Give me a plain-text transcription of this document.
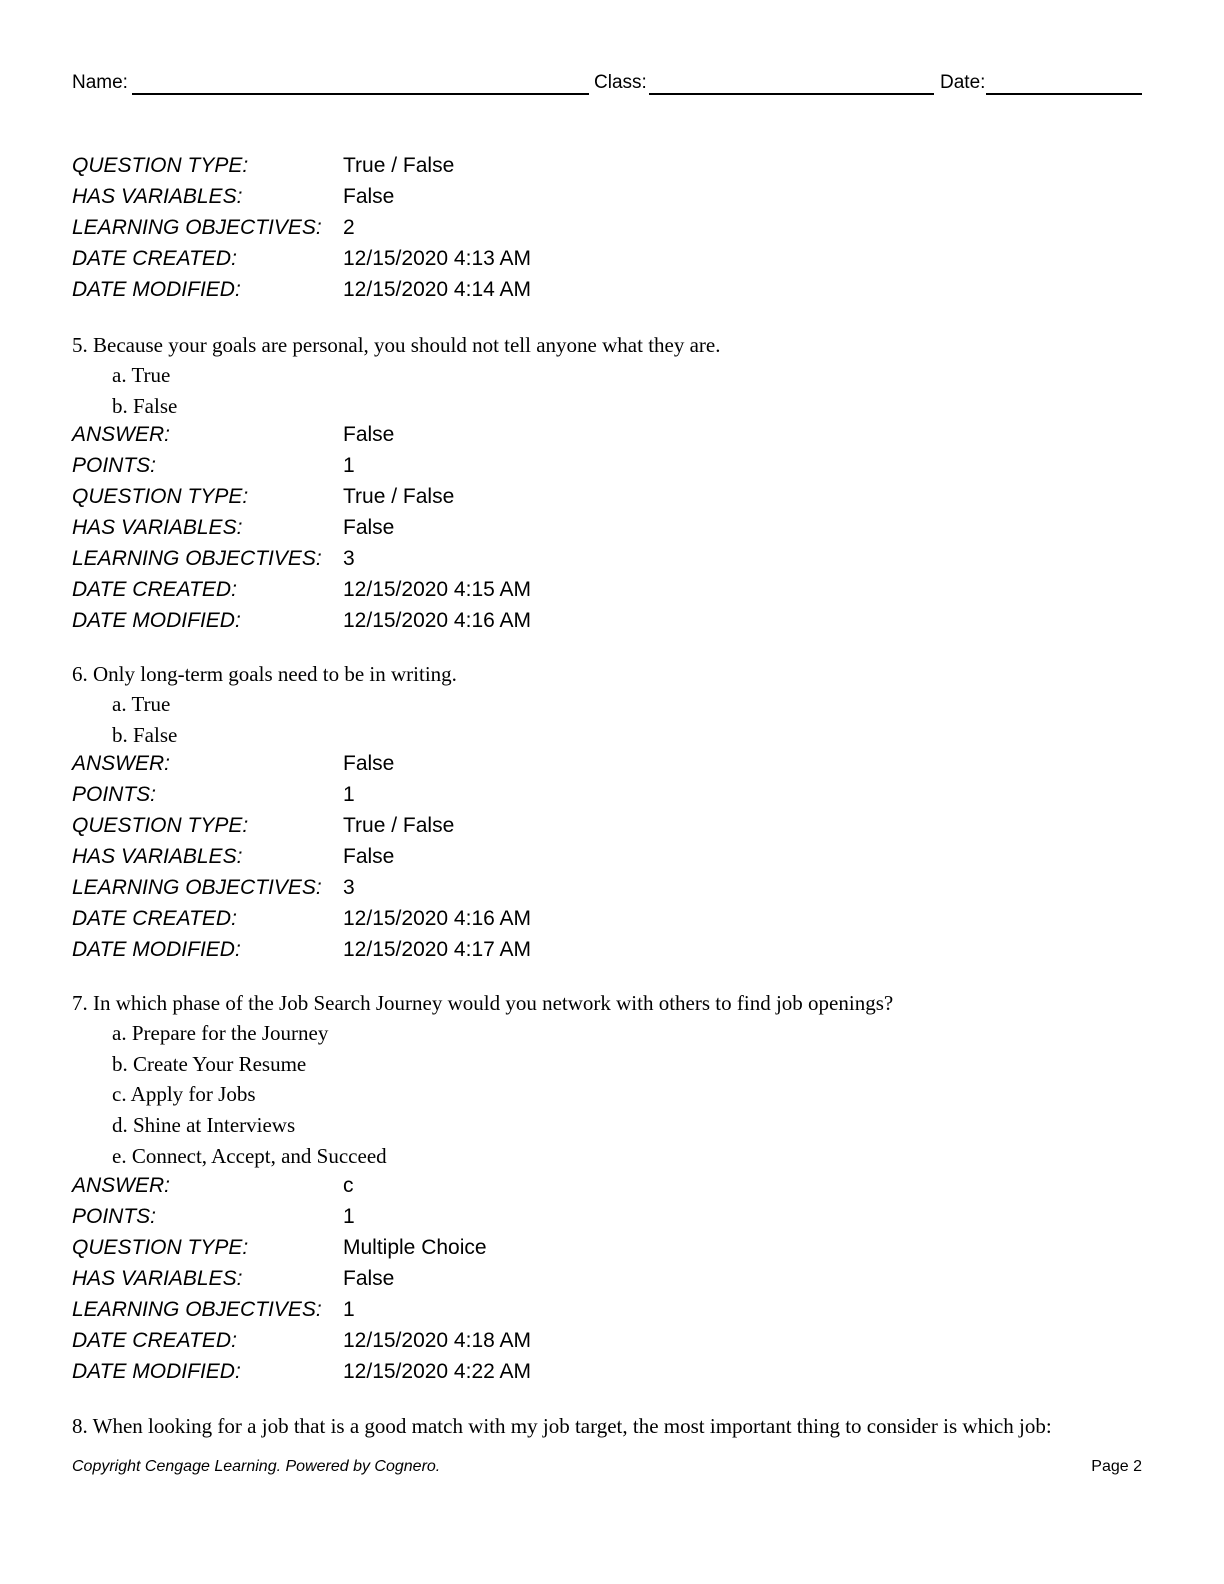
Name:	Class:	Date:
QUESTION TYPE:	True / False
HAS VARIABLES:	False
LEARNING OBJECTIVES: 2
DATE CREATED:	12/15/2020 4:13 AM
DATE MODIFIED:	12/15/2020 4:14 AM
5. Because your goals are personal, you should not tell anyone what they are.
a. True
b. False
ANSWER:	False
POINTS:	1
QUESTION TYPE:	True / False
HAS VARIABLES:	False
LEARNING OBJECTIVES: 3
DATE CREATED:	12/15/2020 4:15 AM
DATE MODIFIED:	12/15/2020 4:16 AM
6. Only long-term goals need to be in writing.
a. True
b. False
ANSWER:	False
POINTS:	1
QUESTION TYPE:	True / False
HAS VARIABLES:	False
LEARNING OBJECTIVES: 3
DATE CREATED:	12/15/2020 4:16 AM
DATE MODIFIED:	12/15/2020 4:17 AM
7. In which phase of the Job Search Journey would you network with others to find job openings?
a. Prepare for the Journey
b. Create Your Resume
c. Apply for Jobs
d. Shine at Interviews
e. Connect, Accept, and Succeed
ANSWER:	c
POINTS:	1
QUESTION TYPE:	Multiple Choice
HAS VARIABLES:	False
LEARNING OBJECTIVES: 1
DATE CREATED:	12/15/2020 4:18 AM
DATE MODIFIED:	12/15/2020 4:22 AM
8. When looking for a job that is a good match with my job target, the most important thing to consider is which job:
Copyright Cengage Learning. Powered by Cognero.	Page 2
